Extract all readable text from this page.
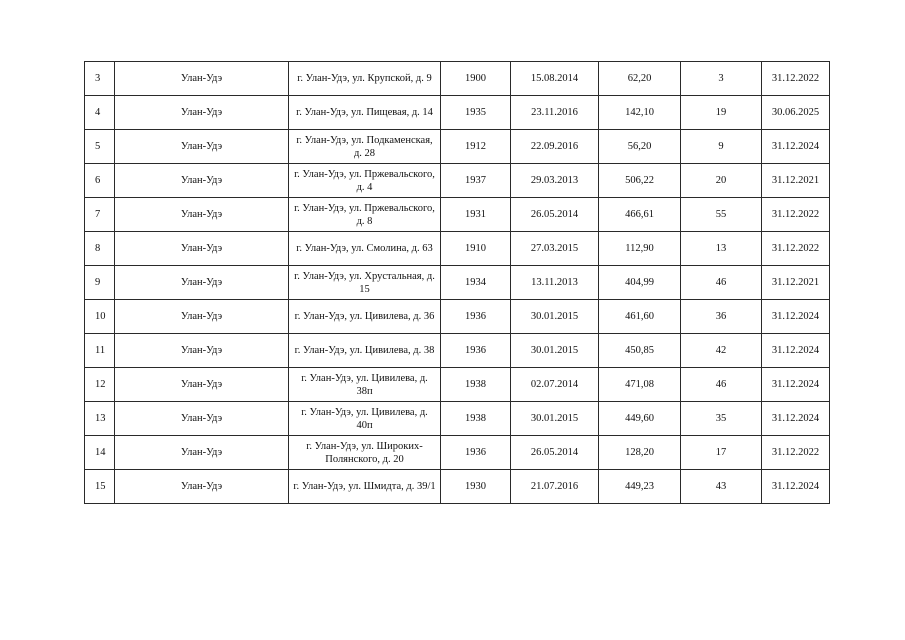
3	Улан-Удэ	г. Улан-Удэ, ул. Крупской, д. 9	1900	15.08.2014	62,20	3	31.12.2022
4	Улан-Удэ	г. Улан-Удэ, ул. Пищевая, д. 14	1935	23.11.2016	142,10	19	30.06.2025
5	Улан-Удэ	г. Улан-Удэ, ул. Подкаменская, д. 28	1912	22.09.2016	56,20	9	31.12.2024
6	Улан-Удэ	г. Улан-Удэ, ул. Пржевальского, д. 4	1937	29.03.2013	506,22	20	31.12.2021
7	Улан-Удэ	г. Улан-Удэ, ул. Пржевальского, д. 8	1931	26.05.2014	466,61	55	31.12.2022
8	Улан-Удэ	г. Улан-Удэ, ул. Смолина, д. 63	1910	27.03.2015	112,90	13	31.12.2022
9	Улан-Удэ	г. Улан-Удэ, ул. Хрустальная, д. 15	1934	13.11.2013	404,99	46	31.12.2021
10	Улан-Удэ	г. Улан-Удэ, ул. Цивилева, д. 36	1936	30.01.2015	461,60	36	31.12.2024
11	Улан-Удэ	г. Улан-Удэ, ул. Цивилева, д. 38	1936	30.01.2015	450,85	42	31.12.2024
12	Улан-Удэ	г. Улан-Удэ, ул. Цивилева, д. 38п	1938	02.07.2014	471,08	46	31.12.2024
13	Улан-Удэ	г. Улан-Удэ, ул. Цивилева, д. 40п	1938	30.01.2015	449,60	35	31.12.2024
14	Улан-Удэ	г. Улан-Удэ, ул. Широких-Полянского, д. 20	1936	26.05.2014	128,20	17	31.12.2022
15	Улан-Удэ	г. Улан-Удэ, ул. Шмидта, д. 39/1	1930	21.07.2016	449,23	43	31.12.2024
